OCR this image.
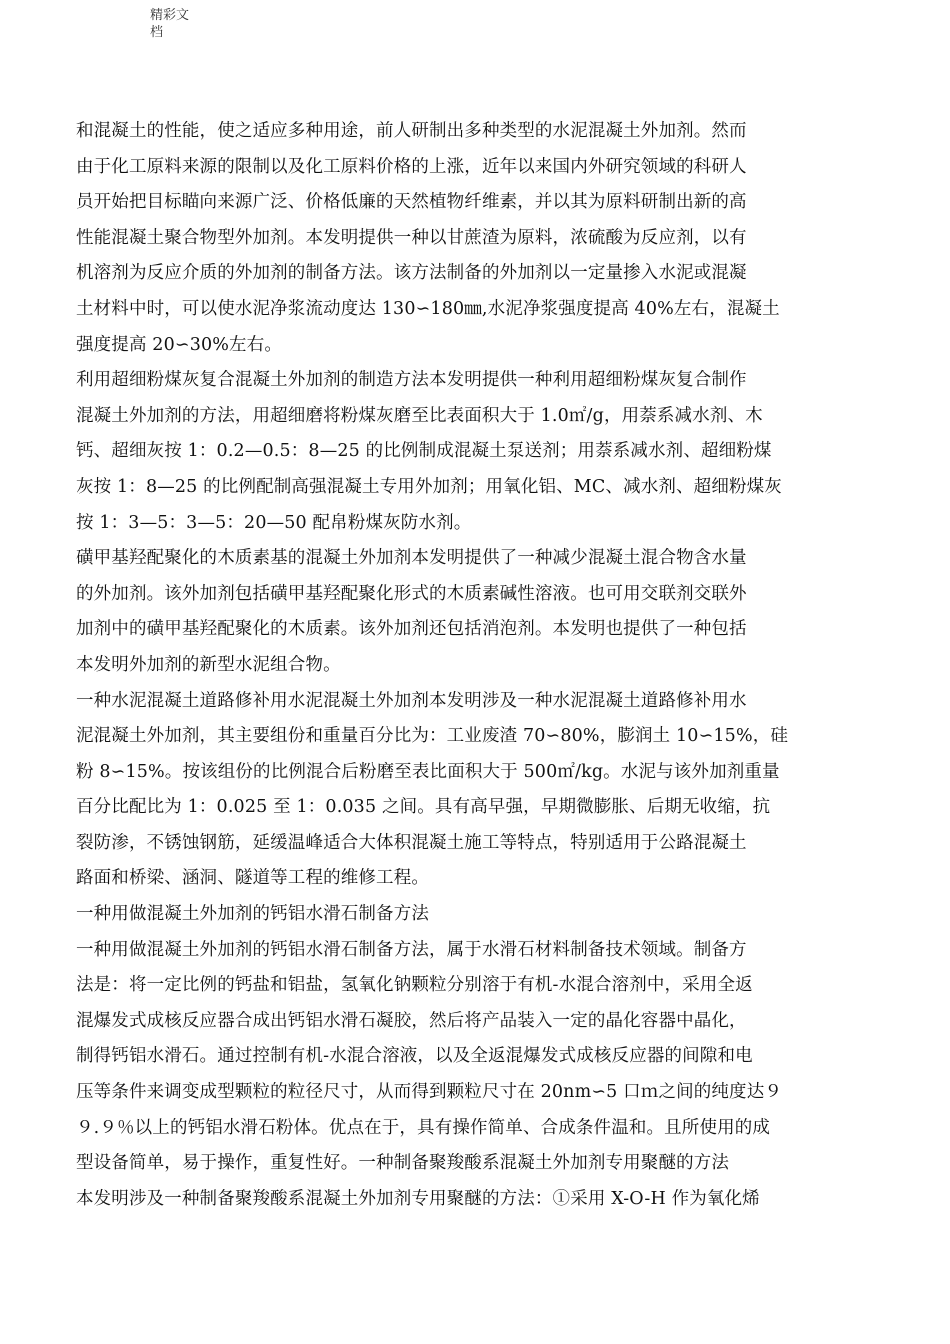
精彩文档
和混凝土的性能，使之适应多种用途，前人研制出多种类型的水泥混凝土外加剂。然而
由于化工原料来源的限制以及化工原料价格的上涨，近年以来国内外研究领域的科研人
员开始把目标瞄向来源广泛、价格低廉的天然植物纤维素，并以其为原料研制出新的高
性能混凝土聚合物型外加剂。本发明提供一种以甘蔗渣为原料，浓硫酸为反应剂，以有
机溶剂为反应介质的外加剂的制备方法。该方法制备的外加剂以一定量掺入水泥或混凝
土材料中时，可以使水泥净浆流动度达 130∽180㎜,水泥净浆强度提高 40%左右，混凝土
强度提高 20∽30%左右。
利用超细粉煤灰复合混凝土外加剂的制造方法本发明提供一种利用超细粉煤灰复合制作
混凝土外加剂的方法，用超细磨将粉煤灰磨至比表面积大于 1.0㎡/g，用萘系减水剂、木
钙、超细灰按 1：0.2—0.5：8—25 的比例制成混凝土泵送剂；用萘系减水剂、超细粉煤
灰按 1：8—25 的比例配制高强混凝土专用外加剂；用氧化铝、MC、减水剂、超细粉煤灰
按 1：3—5：3—5：20—50 配帛粉煤灰防水剂。
磺甲基羟配聚化的木质素基的混凝土外加剂本发明提供了一种减少混凝土混合物含水量
的外加剂。该外加剂包括磺甲基羟配聚化形式的木质素碱性溶液。也可用交联剂交联外
加剂中的磺甲基羟配聚化的木质素。该外加剂还包括消泡剂。本发明也提供了一种包括
本发明外加剂的新型水泥组合物。
一种水泥混凝土道路修补用水泥混凝土外加剂本发明涉及一种水泥混凝土道路修补用水
泥混凝土外加剂，其主要组份和重量百分比为：工业废渣 70∽80%，膨润土 10∽15%，硅
粉 8∽15%。按该组份的比例混合后粉磨至表比面积大于 500㎡/kg。水泥与该外加剂重量
百分比配比为 1：0.025 至 1：0.035 之间。具有高早强，早期微膨胀、后期无收缩，抗
裂防渗，不锈蚀钢筋，延缓温峰适合大体积混凝土施工等特点，特别适用于公路混凝土
路面和桥梁、涵洞、隧道等工程的维修工程。
一种用做混凝土外加剂的钙铝水滑石制备方法
一种用做混凝土外加剂的钙铝水滑石制备方法，属于水滑石材料制备技术领域。制备方
法是：将一定比例的钙盐和铝盐，氢氧化钠颗粒分别溶于有机-水混合溶剂中，采用全返
混爆发式成核反应器合成出钙铝水滑石凝胶，然后将产品装入一定的晶化容器中晶化，
制得钙铝水滑石。通过控制有机-水混合溶液，以及全返混爆发式成核反应器的间隙和电
压等条件来调变成型颗粒的粒径尺寸，从而得到颗粒尺寸在 20nm∽5 口ｍ之间的纯度达９
９.９％以上的钙铝水滑石粉体。优点在于，具有操作简单、合成条件温和。且所使用的成
型设备简单，易于操作，重复性好。一种制备聚羧酸系混凝土外加剂专用聚醚的方法
本发明涉及一种制备聚羧酸系混凝土外加剂专用聚醚的方法：①采用 X-O-H 作为氧化烯
